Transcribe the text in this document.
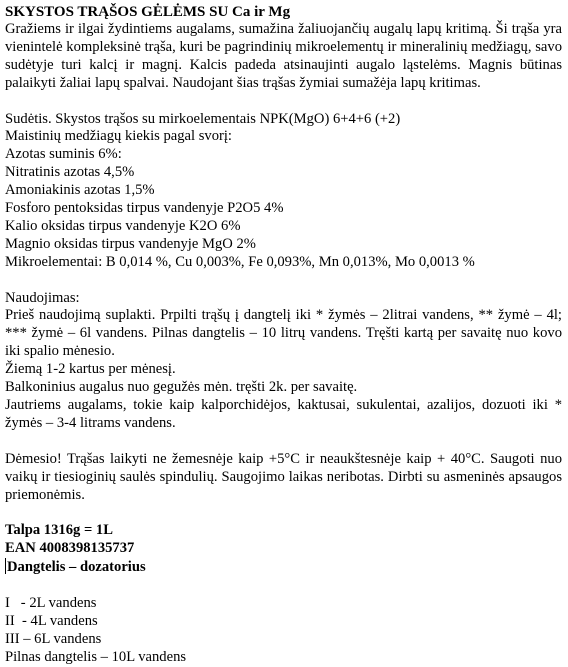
SKYSTOS TRĄŠOS GĖLĖMS SU Ca ir Mg

Gražiems ir ilgai žydintiems augalams, sumažina žaliuojančių augalų lapų kritimą. Ši trąša yra vienintelė kompleksinė trąša, kuri be pagrindinių mikroelementų ir mineralinių medžiagų, savo sudėtyje turi kalcį ir magnį. Kalcis padeda atsinaujinti augalo ląstelėms. Magnis būtinas palaikyti žaliai lapų spalvai. Naudojant šias trąšas žymiai sumažėja lapų kritimas.

Sudėtis. Skystos trąšos su mirkoelementais NPK(MgO) 6+4+6 (+2)

Maistinių medžiagų kiekis pagal svorį:

Azotas suminis 6%:

Nitratinis azotas 4,5%

Amoniakinis azotas 1,5%

Fosforo pentoksidas tirpus vandenyje P2O5 4%

Kalio oksidas tirpus vandenyje K2O 6%

Magnio oksidas tirpus vandenyje MgO 2%

Mikroelementai: B 0,014 %, Cu 0,003%, Fe 0,093%, Mn 0,013%, Mo 0,0013 %

Naudojimas:

Prieš naudojimą suplakti. Prpilti trąšų į dangtelį iki * žymės – 2litrai vandens, ** žymė – 4l; *** žymė – 6l vandens. Pilnas dangtelis – 10 litrų vandens. Tręšti kartą per savaitę nuo kovo iki spalio mėnesio.

Žiemą 1-2 kartus per mėnesį.

Balkoninius augalus nuo gegužės mėn. tręšti 2k. per savaitę.

Jautriems augalams, tokie kaip kalporchidėjos, kaktusai, sukulentai, azalijos, dozuoti iki * žymės – 3-4 litrams vandens.

Dėmesio! Trąšas laikyti ne žemesnėje kaip +5°C ir neaukštesnėje kaip + 40°C. Saugoti nuo vaikų ir tiesioginių saulės spindulių. Saugojimo laikas neribotas. Dirbti su asmeninės apsaugos priemonėmis.

Talpa 1316g = 1L

EAN 4008398135737

Dangtelis – dozatorius

I   - 2L vandens

II  - 4L vandens

III – 6L vandens

Pilnas dangtelis – 10L vandens
